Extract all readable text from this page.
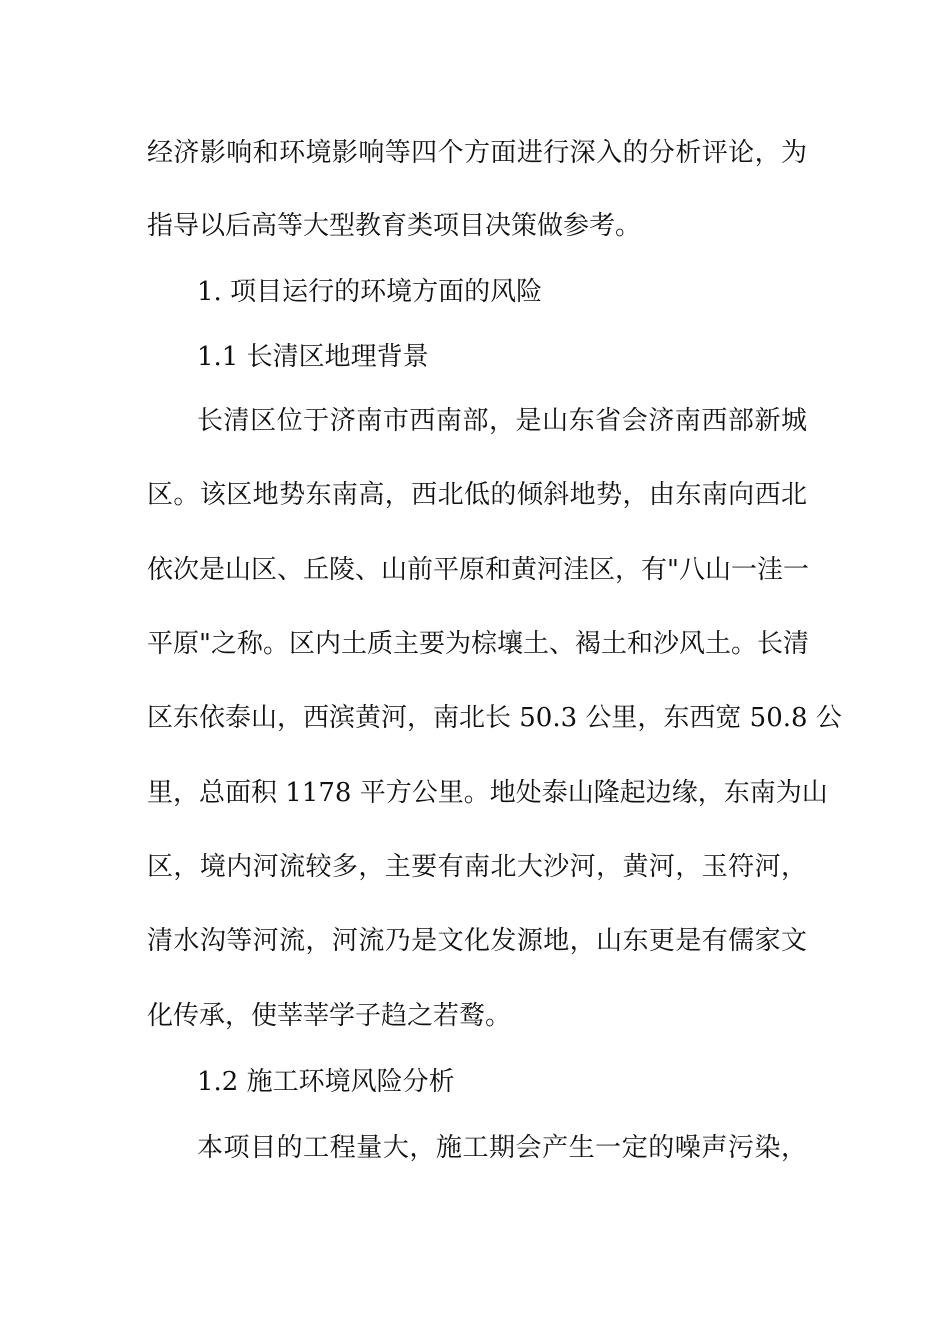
经济影响和环境影响等四个方面进行深入的分析评论，为
指导以后高等大型教育类项目决策做参考。
1. 项目运行的环境方面的风险
1.1 长清区地理背景
长清区位于济南市西南部，是山东省会济南西部新城
区。该区地势东南高，西北低的倾斜地势，由东南向西北
依次是山区、丘陵、山前平原和黄河洼区，有"八山一洼一
平原"之称。区内土质主要为棕壤土、褐土和沙风土。长清
区东依泰山，西滨黄河，南北长 50.3 公里，东西宽 50.8 公
里，总面积 1178 平方公里。地处泰山隆起边缘，东南为山
区，境内河流较多，主要有南北大沙河，黄河，玉符河，
清水沟等河流，河流乃是文化发源地，山东更是有儒家文
化传承，使莘莘学子趋之若鹜。
1.2 施工环境风险分析
本项目的工程量大，施工期会产生一定的噪声污染，
